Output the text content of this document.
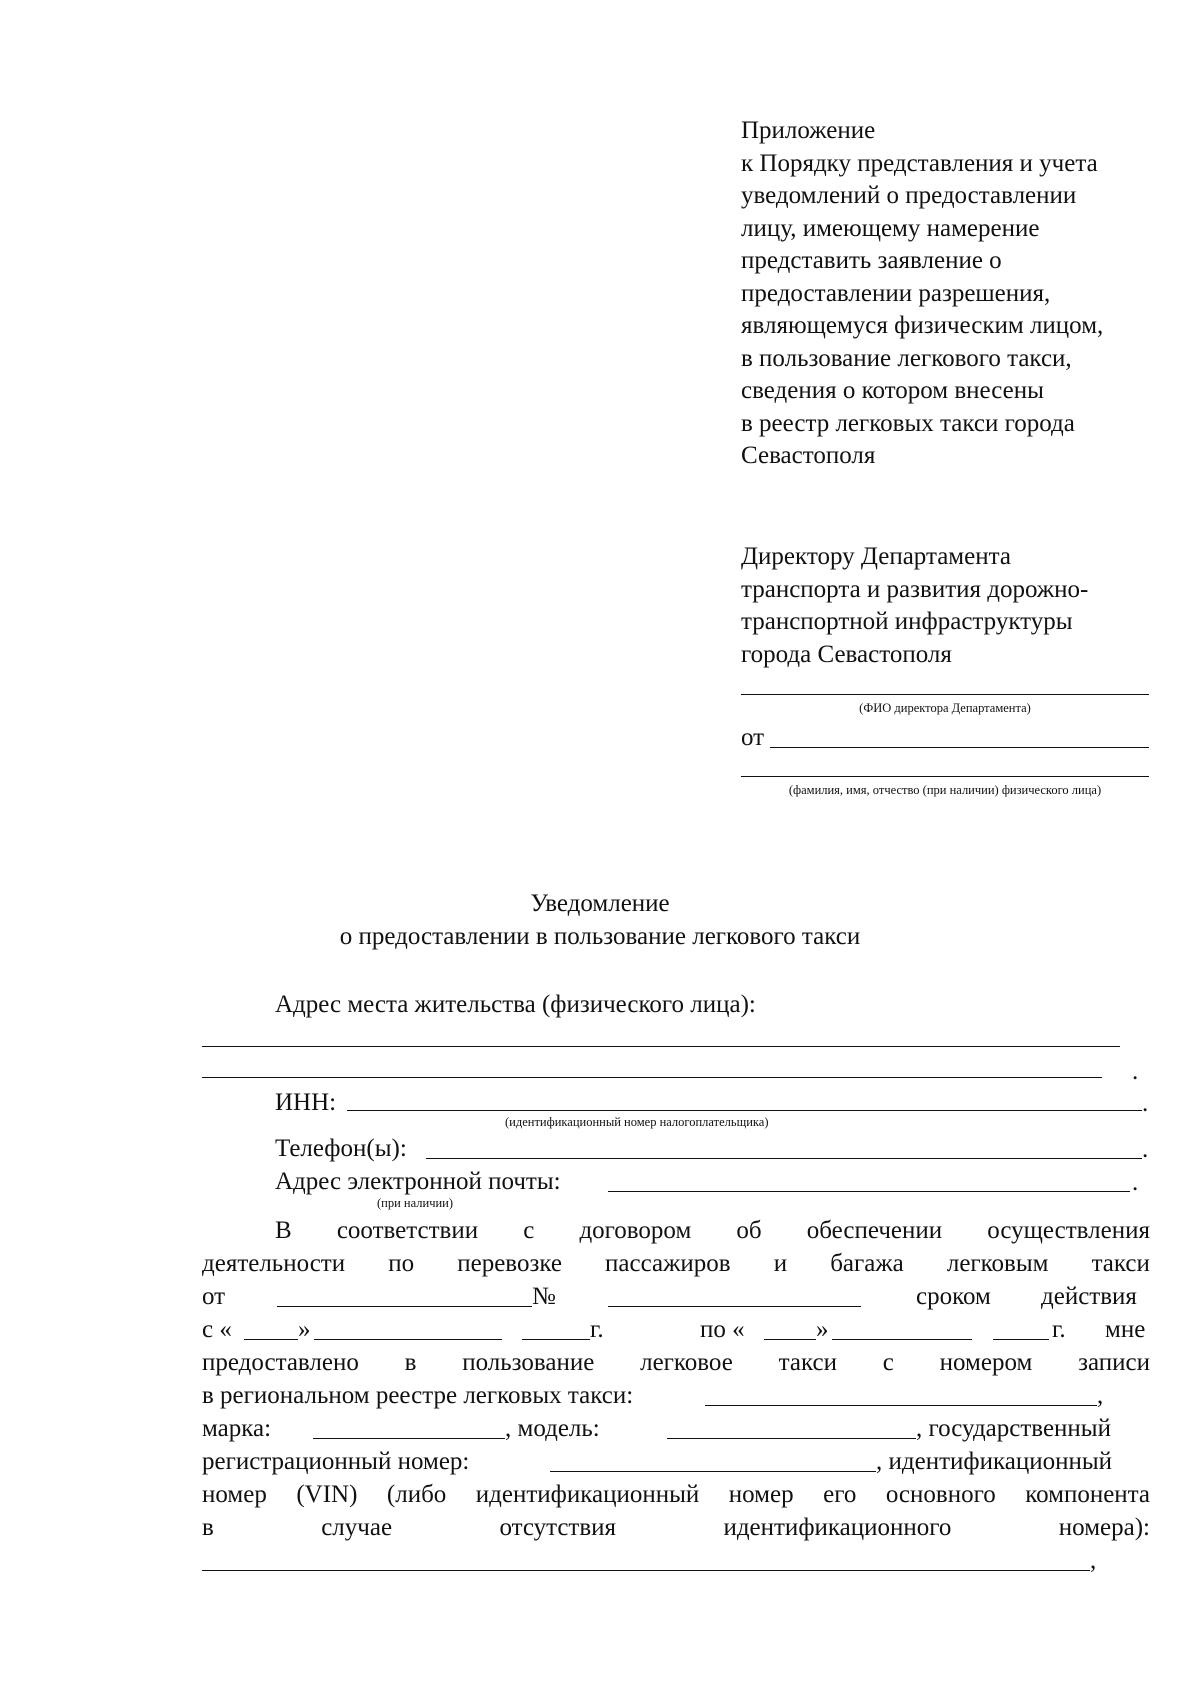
Приложение
к Порядку представления и учета
уведомлений о предоставлении
лицу, имеющему намерение
представить заявление о
предоставлении разрешения,
являющемуся физическим лицом,
в пользование легкового такси,
сведения о котором внесены
в реестр легковых такси города
Севастополя
Директору Департамента
транспорта и развития дорожно-
транспортной инфраструктуры
города Севастополя
(ФИО директора Департамента)
от
(фамилия, имя, отчество (при наличии) физического лица)
Уведомление
о предоставлении в пользование легкового такси
Адрес места жительства (физического лица):
.
ИНН:	.
(идентификационный номер налогоплательщика)
Телефон(ы):	.
Адрес электронной почты:	.
(при наличии)
В соответствии с договором об обеспечении осуществления
деятельности по перевозке пассажиров и багажа легковым такси
от	№	сроком действия
с «	»	г.	по «	»	г. мне
предоставлено в пользование легковое такси с номером записи
в региональном реестре легковых такси:	,
марка:	, модель:	, государственный
регистрационный номер:	, идентификационный
номер (VIN) (либо идентификационный номер его основного компонента
в	случае	отсутствия	идентификационного	номера):
,
